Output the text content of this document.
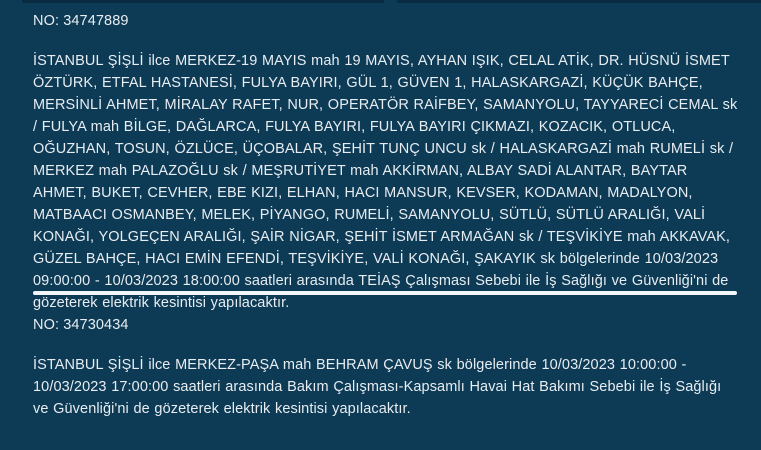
NO: 34747889

İSTANBUL ŞİŞLİ ilce MERKEZ-19 MAYIS mah 19 MAYIS, AYHAN IŞIK, CELAL ATİK, DR. HÜSNÜ İSMET ÖZTÜRK, ETFAL HASTANESİ, FULYA BAYIRI, GÜL 1, GÜVEN 1, HALASKARGAZİ, KÜÇÜK BAHÇE, MERSİNLİ AHMET, MİRALAY RAFET, NUR, OPERATÖR RAİFBEY, SAMANYOLU, TAYYARECİ CEMAL sk / FULYA mah BİLGE, DAĞLARCA, FULYA BAYIRI, FULYA BAYIRI ÇIKMAZI, KOZACIK, OTLUCA, OĞUZHAN, TOSUN, ÖZLÜCE, ÜÇOBALAR, ŞEHİT TUNÇ UNCU sk / HALASKARGAZİ mah RUMELİ sk / MERKEZ mah PALAZOĞLU sk / MEŞRUTİYET mah AKKİRMAN, ALBAY SADİ ALANTAR, BAYTAR AHMET, BUKET, CEVHER, EBE KIZI, ELHAN, HACI MANSUR, KEVSER, KODAMAN, MADALYON, MATBAACI OSMANBEY, MELEK, PİYANGO, RUMELİ, SAMANYOLU, SÜTLÜ, SÜTLÜ ARALIĞI, VALİ KONAĞI, YOLGEÇEN ARALIĞI, ŞAİR NİGAR, ŞEHİT İSMET ARMAĞAN sk / TEŞVİKİYE mah AKKAVAK, GÜZEL BAHÇE, HACI EMİN EFENDİ, TEŞVİKİYE, VALİ KONAĞI, ŞAKAYIK sk bölgelerinde 10/03/2023 09:00:00 - 10/03/2023 18:00:00 saatleri arasında TEİAŞ Çalışması Sebebi ile İş Sağlığı ve Güvenliği'ni de gözeterek elektrik kesintisi yapılacaktır.

NO: 34730434

İSTANBUL ŞİŞLİ ilce MERKEZ-PAŞA mah BEHRAM ÇAVUŞ sk bölgelerinde 10/03/2023 10:00:00 - 10/03/2023 17:00:00 saatleri arasında Bakım Çalışması-Kapsamlı Havai Hat Bakımı Sebebi ile İş Sağlığı ve Güvenliği'ni de gözeterek elektrik kesintisi yapılacaktır.
